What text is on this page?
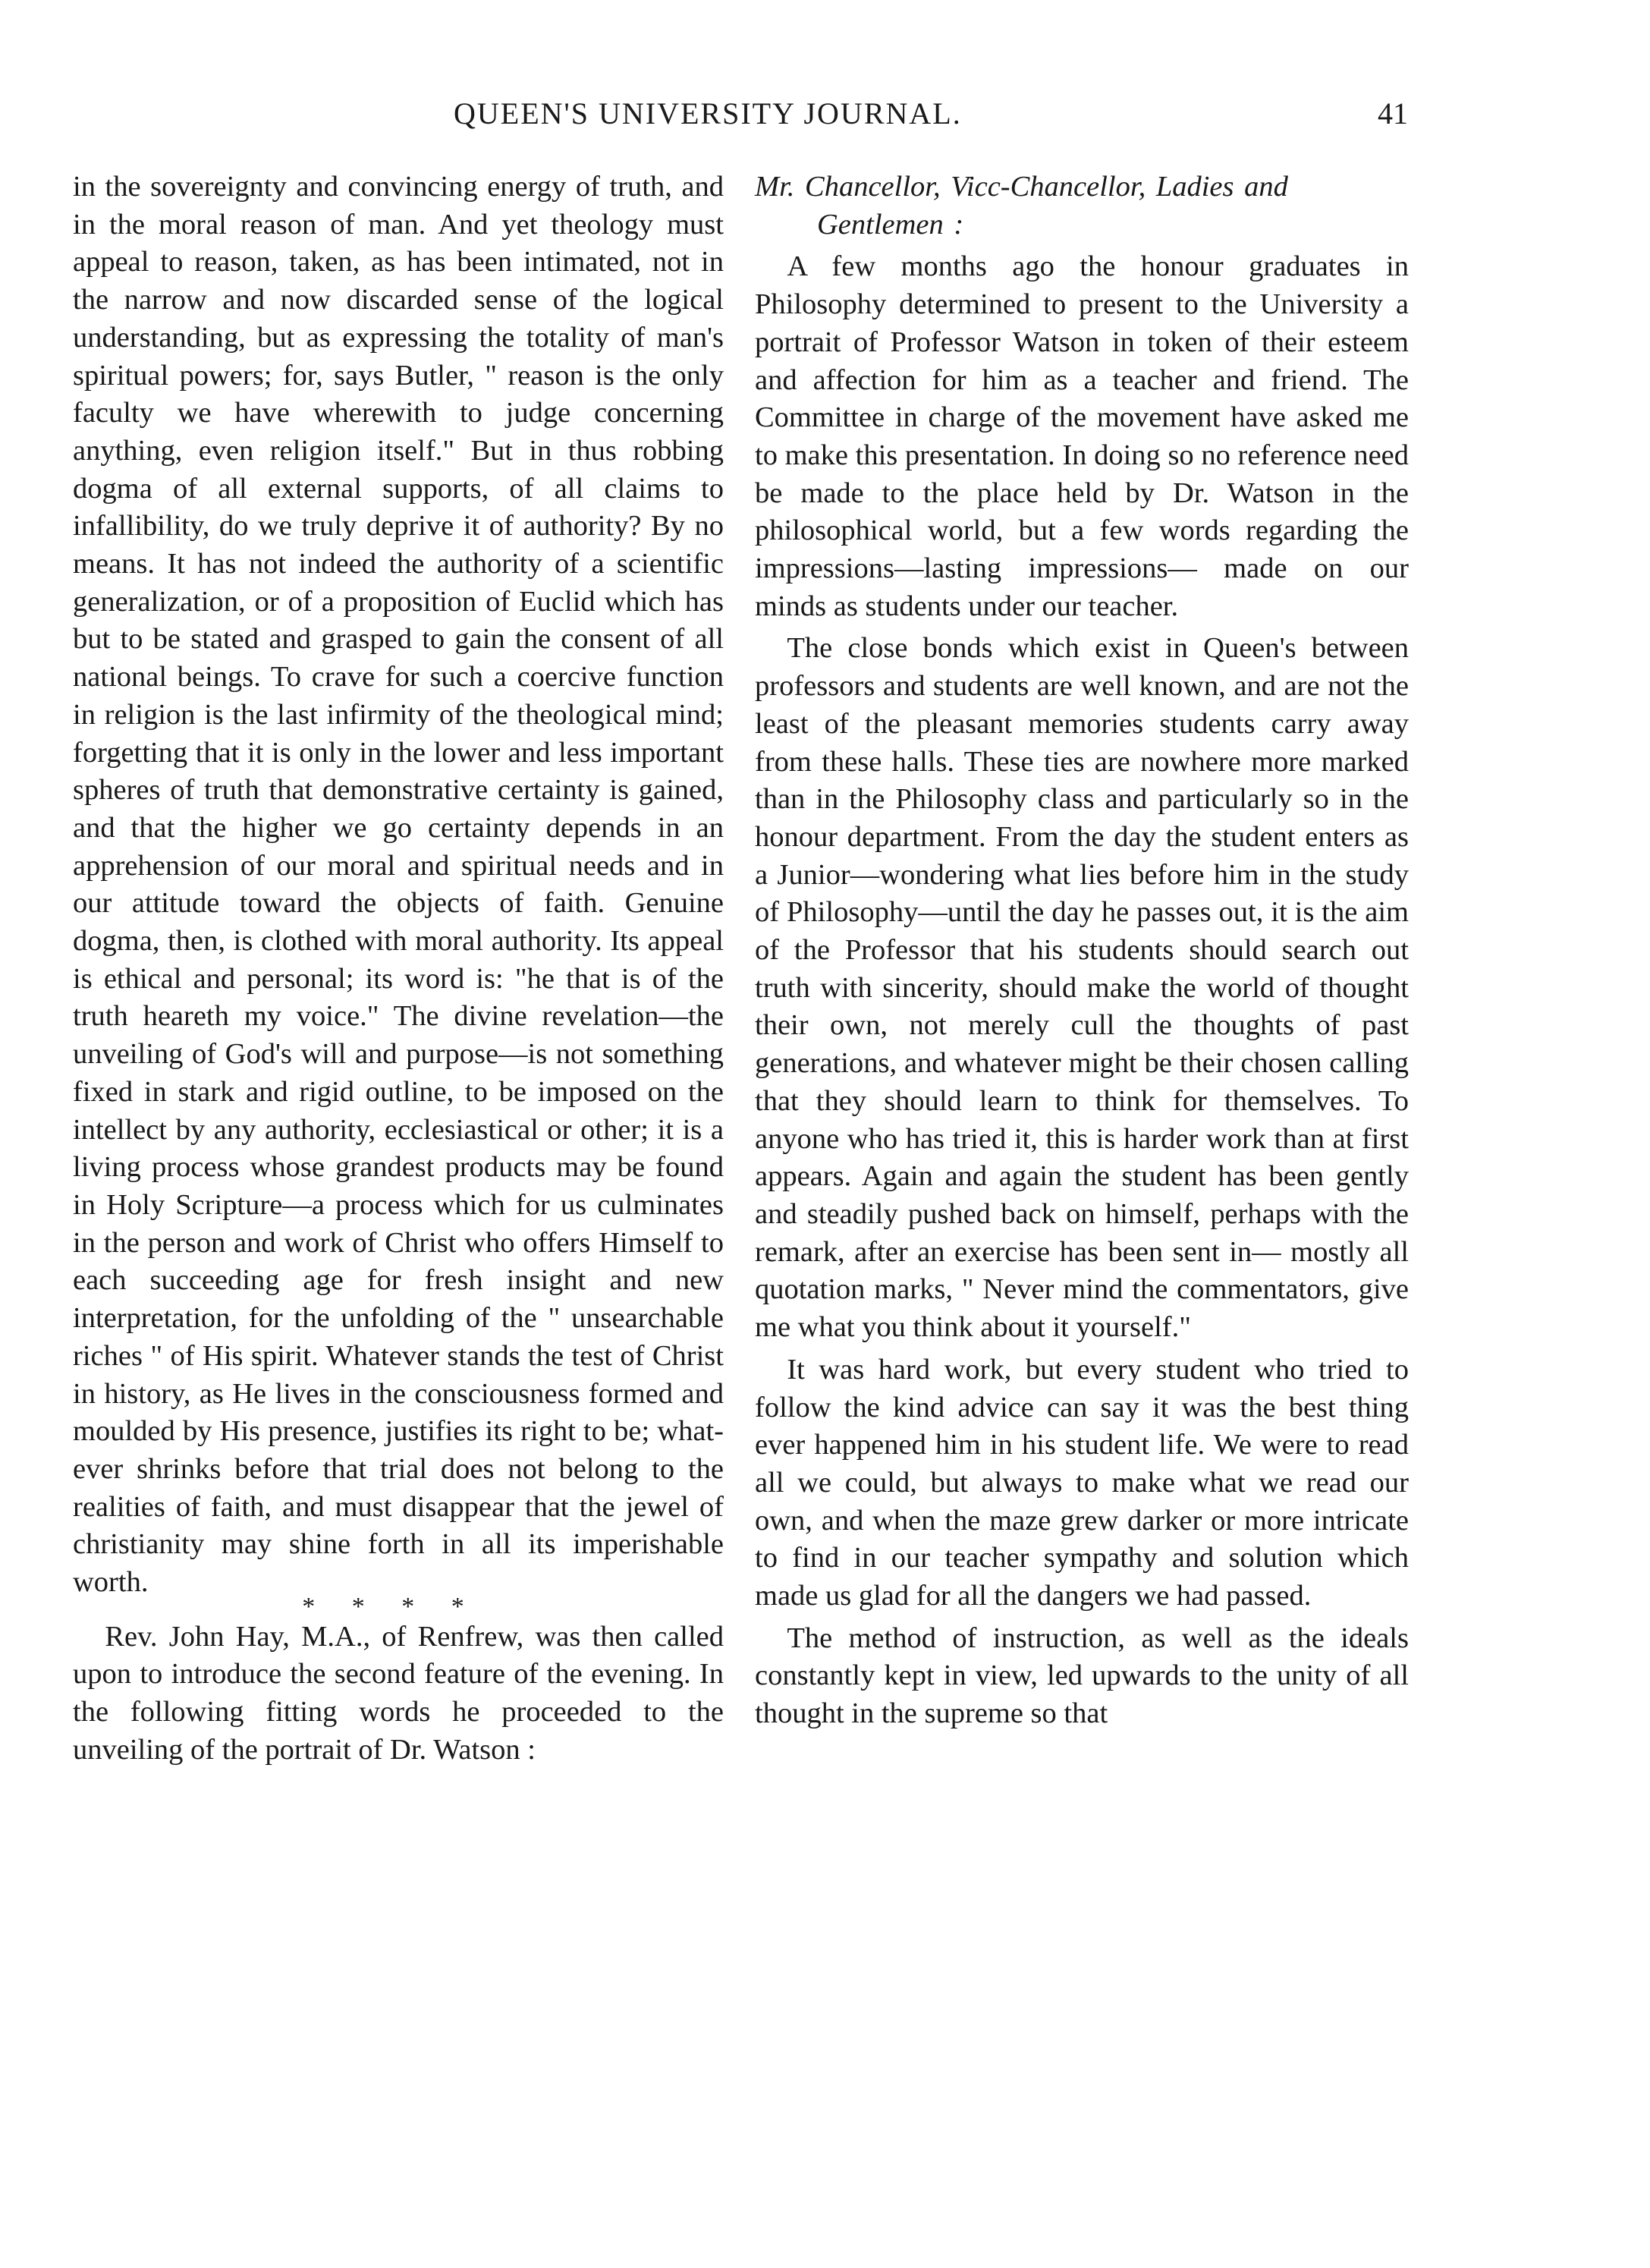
QUEEN'S UNIVERSITY JOURNAL.	41

in the sovereignty and convincing energy of truth, and in the moral reason of man. And yet theology must appeal to reason, taken, as has been intimated, not in the narrow and now discarded sense of the logical understanding, but as expressing the totality of man's spiritual powers; for, says Butler, " reason is the only faculty we have wherewith to judge concerning anything, even religion itself." But in thus robbing dogma of all external supports, of all claims to infallibility, do we truly deprive it of authority? By no means. It has not indeed the authority of a scientific generalization, or of a proposition of Euclid which has but to be stated and grasped to gain the consent of all national beings. To crave for such a coercive function in religion is the last infirmity of the theological mind; forgetting that it is only in the lower and less important spheres of truth that demonstrative certainty is gained, and that the higher we go certainty depends in an apprehension of our moral and spiritual needs and in our attitude toward the objects of faith. Genuine dogma, then, is clothed with moral authority. Its appeal is ethical and personal; its word is: "he that is of the truth heareth my voice." The divine revelation—the unveiling of God's will and purpose—is not something fixed in stark and rigid outline, to be imposed on the intellect by any authority, ecclesiastical or other; it is a living process whose grandest products may be found in Holy Scripture—a process which for us culminates in the person and work of Christ who offers Himself to each succeeding age for fresh insight and new interpretation, for the unfolding of the " unsearchable riches " of His spirit. Whatever stands the test of Christ in history, as He lives in the consciousness formed and moulded by His presence, justifies its right to be; whatever shrinks before that trial does not belong to the realities of faith, and must disappear that the jewel of christianity may shine forth in all its imperishable worth.

* * * *

Rev. John Hay, M.A., of Renfrew, was then called upon to introduce the second feature of the evening. In the following fitting words he proceeded to the unveiling of the portrait of Dr. Watson :

Mr. Chancellor, Vicc-Chancellor, Ladies and Gentlemen :

A few months ago the honour graduates in Philosophy determined to present to the University a portrait of Professor Watson in token of their esteem and affection for him as a teacher and friend. The Committee in charge of the movement have asked me to make this presentation. In doing so no reference need be made to the place held by Dr. Watson in the philosophical world, but a few words regarding the impressions—lasting impressions— made on our minds as students under our teacher.

The close bonds which exist in Queen's between professors and students are well known, and are not the least of the pleasant memories students carry away from these halls. These ties are nowhere more marked than in the Philosophy class and particularly so in the honour department. From the day the student enters as a Junior—wondering what lies before him in the study of Philosophy—until the day he passes out, it is the aim of the Professor that his students should search out truth with sincerity, should make the world of thought their own, not merely cull the thoughts of past generations, and whatever might be their chosen calling that they should learn to think for themselves. To anyone who has tried it, this is harder work than at first appears. Again and again the student has been gently and steadily pushed back on himself, perhaps with the remark, after an exercise has been sent in— mostly all quotation marks, " Never mind the commentators, give me what you think about it yourself."

It was hard work, but every student who tried to follow the kind advice can say it was the best thing ever happened him in his student life. We were to read all we could, but always to make what we read our own, and when the maze grew darker or more intricate to find in our teacher sympathy and solution which made us glad for all the dangers we had passed.

The method of instruction, as well as the ideals constantly kept in view, led upwards to the unity of all thought in the supreme so that
